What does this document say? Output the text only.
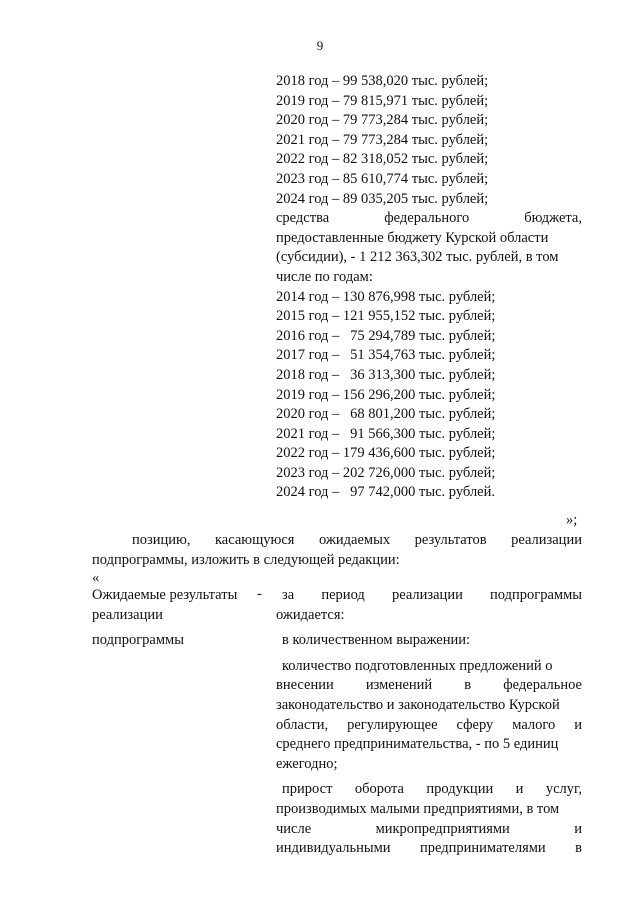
9
2018 год – 99 538,020 тыс. рублей;
2019 год – 79 815,971 тыс. рублей;
2020 год – 79 773,284 тыс. рублей;
2021 год – 79 773,284 тыс. рублей;
2022 год – 82 318,052 тыс. рублей;
2023 год – 85 610,774 тыс. рублей;
2024 год – 89 035,205 тыс. рублей;
средства	федерального	бюджета,
предоставленные бюджету Курской области
(субсидии), - 1 212 363,302 тыс. рублей, в том
числе по годам:
2014 год – 130 876,998 тыс. рублей;
2015 год – 121 955,152 тыс. рублей;
2016 год –   75 294,789 тыс. рублей;
2017 год –   51 354,763 тыс. рублей;
2018 год –   36 313,300 тыс. рублей;
2019 год – 156 296,200 тыс. рублей;
2020 год –   68 801,200 тыс. рублей;
2021 год –   91 566,300 тыс. рублей;
2022 год – 179 436,600 тыс. рублей;
2023 год – 202 726,000 тыс. рублей;
2024 год –   97 742,000 тыс. рублей.
»;
позицию, касающуюся ожидаемых результатов реализации
подпрограммы, изложить в следующей редакции:
«
Ожидаемые результаты
реализации
подпрограммы
- за период реализации подпрограммы
ожидается:
в количественном выражении:
количество подготовленных предложений о
внесении изменений в федеральное
законодательство и законодательство Курской
области, регулирующее сферу малого и
среднего предпринимательства, - по 5 единиц
ежегодно;
прирост оборота продукции и услуг,
производимых малыми предприятиями, в том
числе	микропредприятиями	и
индивидуальными предпринимателями в
